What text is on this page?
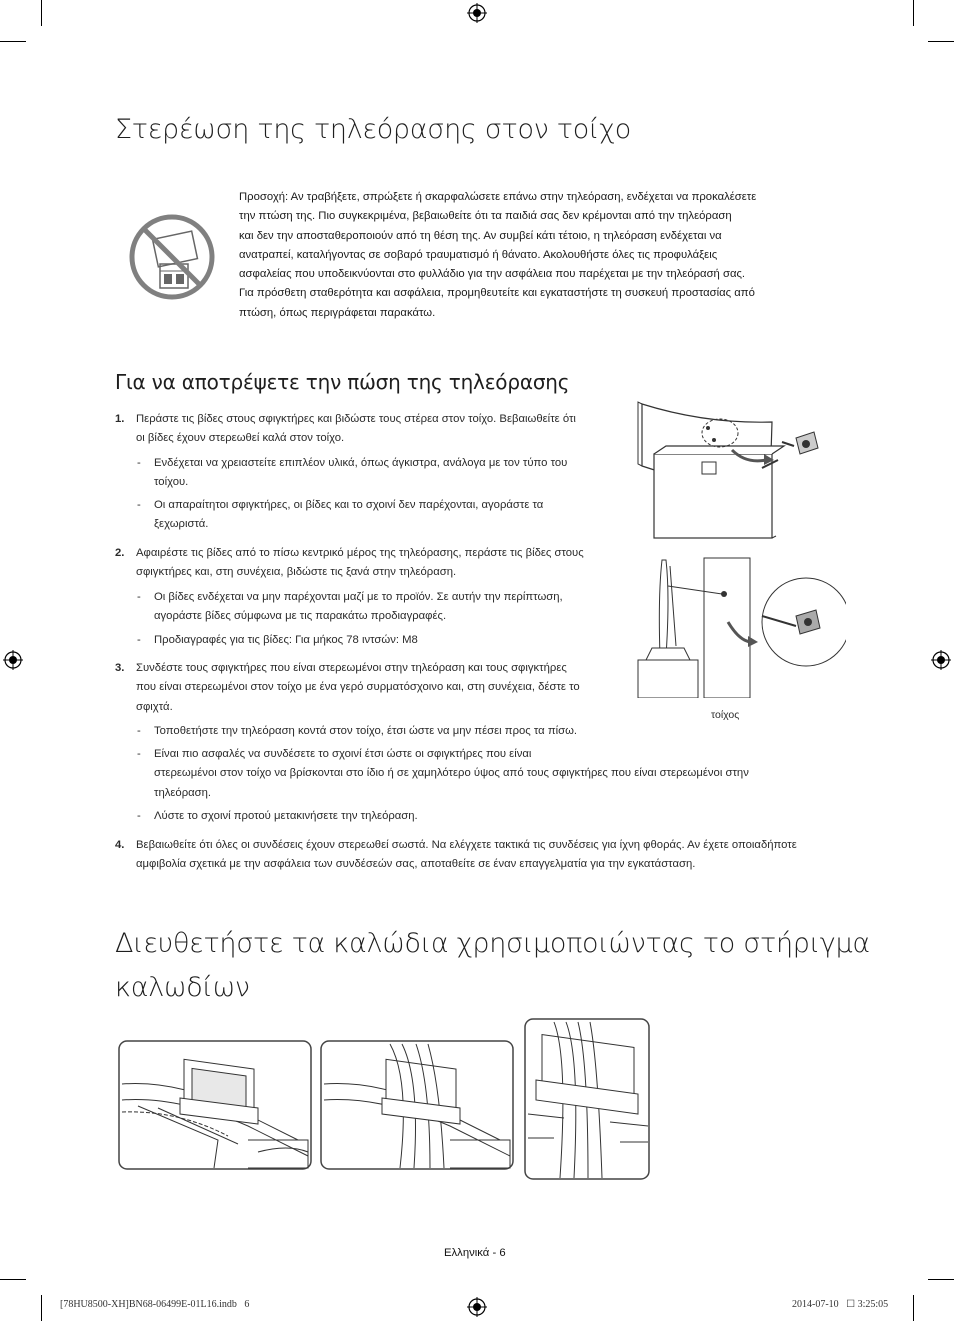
Στερέωση της τηλεόρασης στον τοίχο
Προσοχή: Αν τραβήξετε, σπρώξετε ή σκαρφαλώσετε επάνω στην τηλεόραση, ενδέχεται να προκαλέσετε
την πτώση της. Πιο συγκεκριμένα, βεβαιωθείτε ότι τα παιδιά σας δεν κρέμονται από την τηλεόραση
και δεν την αποσταθεροποιούν από τη θέση της. Αν συμβεί κάτι τέτοιο, η τηλεόραση ενδέχεται να
ανατραπεί, καταλήγοντας σε σοβαρό τραυματισμό ή θάνατο. Ακολουθήστε όλες τις προφυλάξεις
ασφαλείας που υποδεικνύονται στο φυλλάδιο για την ασφάλεια που παρέχεται με την τηλεόρασή σας.
Για πρόσθετη σταθερότητα και ασφάλεια, προμηθευτείτε και εγκαταστήστε τη συσκευή προστασίας από
πτώση, όπως περιγράφεται παρακάτω.
Για να αποτρέψετε την πώση της τηλεόρασης
1. Περάστε τις βίδες στους σφιγκτήρες και βιδώστε τους στέρεα στον τοίχο. Βεβαιωθείτε ότι
οι βίδες έχουν στερεωθεί καλά στον τοίχο.
- Ενδέχεται να χρειαστείτε επιπλέον υλικά, όπως άγκιστρα, ανάλογα με τον τύπο του
τοίχου.
- Οι απαραίτητοι σφιγκτήρες, οι βίδες και το σχοινί δεν παρέχονται, αγοράστε τα
ξεχωριστά.
2. Αφαιρέστε τις βίδες από το πίσω κεντρικό μέρος της τηλεόρασης, περάστε τις βίδες στους
σφιγκτήρες και, στη συνέχεια, βιδώστε τις ξανά στην τηλεόραση.
- Οι βίδες ενδέχεται να μην παρέχονται μαζί με το προϊόν. Σε αυτήν την περίπτωση,
αγοράστε βίδες σύμφωνα με τις παρακάτω προδιαγραφές.
- Προδιαγραφές για τις βίδες: Για μήκος 78 ιντσών: M8
3. Συνδέστε τους σφιγκτήρες που είναι στερεωμένοι στην τηλεόραση και τους σφιγκτήρες
που είναι στερεωμένοι στον τοίχο με ένα γερό συρματόσχοινο και, στη συνέχεια, δέστε το
σφιχτά.
- Τοποθετήστε την τηλεόραση κοντά στον τοίχο, έτσι ώστε να μην πέσει προς τα πίσω.
- Είναι πιο ασφαλές να συνδέσετε το σχοινί έτσι ώστε οι σφιγκτήρες που είναι
στερεωμένοι στον τοίχο να βρίσκονται στο ίδιο ή σε χαμηλότερο ύψος από τους σφιγκτήρες που είναι στερεωμένοι στην
τηλεόραση.
- Λύστε το σχοινί προτού μετακινήσετε την τηλεόραση.
4. Βεβαιωθείτε ότι όλες οι συνδέσεις έχουν στερεωθεί σωστά. Να ελέγχετε τακτικά τις συνδέσεις για ίχνη φθοράς. Αν έχετε οποιαδήποτε
αμφιβολία σχετικά με την ασφάλεια των συνδέσεών σας, αποταθείτε σε έναν επαγγελματία για την εγκατάσταση.
τοίχος
Διευθετήστε τα καλώδια χρησιμοποιώντας το στήριγμα
καλωδίων
Ελληνικά - 6
[78HU8500-XH]BN68-06499E-01L16.indb   6	2014-07-10   ☐ 3:25:05
